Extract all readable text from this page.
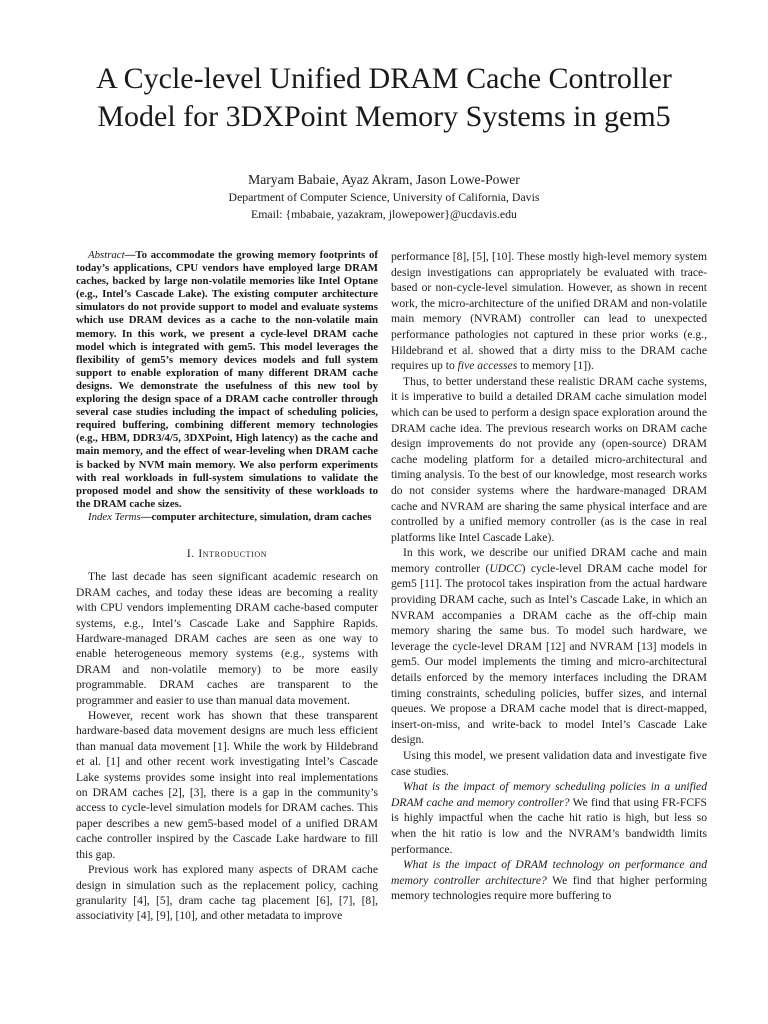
A Cycle-level Unified DRAM Cache Controller
Model for 3DXPoint Memory Systems in gem5
Maryam Babaie, Ayaz Akram, Jason Lowe-Power
Department of Computer Science, University of California, Davis
Email: {mbabaie, yazakram, jlowepower}@ucdavis.edu

Abstract—To accommodate the growing memory footprints of today’s applications, CPU vendors have employed large DRAM caches, backed by large non-volatile memories like Intel Optane (e.g., Intel’s Cascade Lake). The existing computer architecture simulators do not provide support to model and evaluate systems which use DRAM devices as a cache to the non-volatile main memory. In this work, we present a cycle-level DRAM cache model which is integrated with gem5. This model leverages the flexibility of gem5’s memory devices models and full system support to enable exploration of many different DRAM cache designs. We demonstrate the usefulness of this new tool by exploring the design space of a DRAM cache controller through several case studies including the impact of scheduling policies, required buffering, combining different memory technologies (e.g., HBM, DDR3/4/5, 3DXPoint, High latency) as the cache and main memory, and the effect of wear-leveling when DRAM cache is backed by NVM main memory. We also perform experiments with real workloads in full-system simulations to validate the proposed model and show the sensitivity of these workloads to the DRAM cache sizes.

Index Terms—computer architecture, simulation, dram caches

I. Introduction

The last decade has seen significant academic research on DRAM caches, and today these ideas are becoming a reality with CPU vendors implementing DRAM cache-based computer systems, e.g., Intel’s Cascade Lake and Sapphire Rapids. Hardware-managed DRAM caches are seen as one way to enable heterogeneous memory systems (e.g., systems with DRAM and non-volatile memory) to be more easily programmable. DRAM caches are transparent to the programmer and easier to use than manual data movement.

However, recent work has shown that these transparent hardware-based data movement designs are much less efficient than manual data movement [1]. While the work by Hildebrand et al. [1] and other recent work investigating Intel’s Cascade Lake systems provides some insight into real implementations on DRAM caches [2], [3], there is a gap in the community’s access to cycle-level simulation models for DRAM caches. This paper describes a new gem5-based model of a unified DRAM cache controller inspired by the Cascade Lake hardware to fill this gap.

Previous work has explored many aspects of DRAM cache design in simulation such as the replacement policy, caching granularity [4], [5], dram cache tag placement [6], [7], [8], associativity [4], [9], [10], and other metadata to improve

performance [8], [5], [10]. These mostly high-level memory system design investigations can appropriately be evaluated with trace-based or non-cycle-level simulation. However, as shown in recent work, the micro-architecture of the unified DRAM and non-volatile main memory (NVRAM) controller can lead to unexpected performance pathologies not captured in these prior works (e.g., Hildebrand et al. showed that a dirty miss to the DRAM cache requires up to five accesses to memory [1]).

Thus, to better understand these realistic DRAM cache systems, it is imperative to build a detailed DRAM cache simulation model which can be used to perform a design space exploration around the DRAM cache idea. The previous research works on DRAM cache design improvements do not provide any (open-source) DRAM cache modeling platform for a detailed micro-architectural and timing analysis. To the best of our knowledge, most research works do not consider systems where the hardware-managed DRAM cache and NVRAM are sharing the same physical interface and are controlled by a unified memory controller (as is the case in real platforms like Intel Cascade Lake).

In this work, we describe our unified DRAM cache and main memory controller (UDCC) cycle-level DRAM cache model for gem5 [11]. The protocol takes inspiration from the actual hardware providing DRAM cache, such as Intel’s Cascade Lake, in which an NVRAM accompanies a DRAM cache as the off-chip main memory sharing the same bus. To model such hardware, we leverage the cycle-level DRAM [12] and NVRAM [13] models in gem5. Our model implements the timing and micro-architectural details enforced by the memory interfaces including the DRAM timing constraints, scheduling policies, buffer sizes, and internal queues. We propose a DRAM cache model that is direct-mapped, insert-on-miss, and write-back to model Intel’s Cascade Lake design.

Using this model, we present validation data and investigate five case studies.

What is the impact of memory scheduling policies in a unified DRAM cache and memory controller? We find that using FR-FCFS is highly impactful when the cache hit ratio is high, but less so when the hit ratio is low and the NVRAM’s bandwidth limits performance.

What is the impact of DRAM technology on performance and memory controller architecture? We find that higher performing memory technologies require more buffering to
